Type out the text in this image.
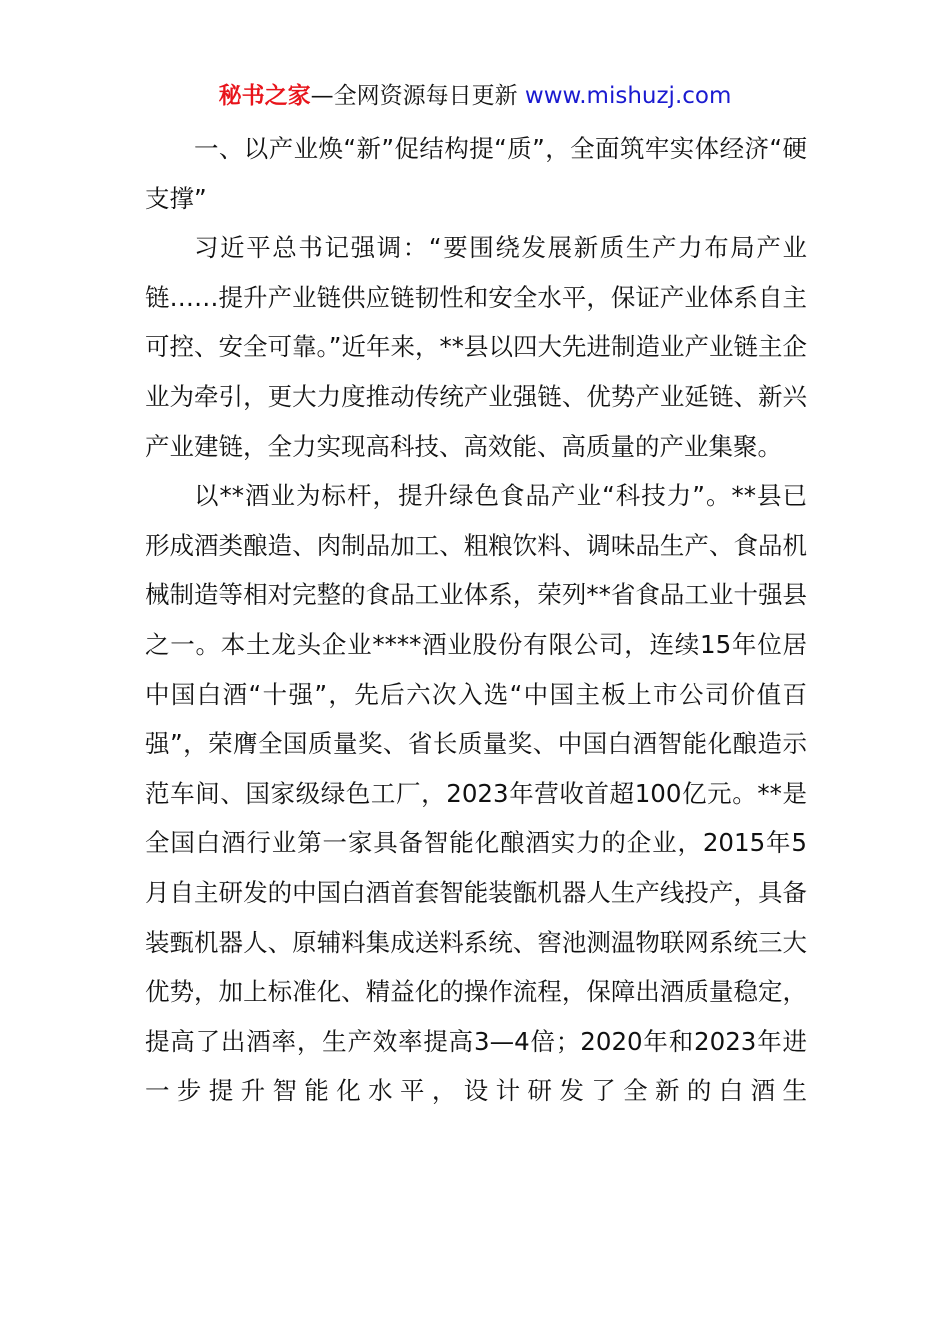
秘书之家—全网资源每日更新 www.mishuzj.com

一、以产业焕“新”促结构提“质”，全面筑牢实体经济“硬支撑”

习近平总书记强调：“要围绕发展新质生产力布局产业链……提升产业链供应链韧性和安全水平，保证产业体系自主可控、安全可靠。”近年来，**县以四大先进制造业产业链主企业为牵引，更大力度推动传统产业强链、优势产业延链、新兴产业建链，全力实现高科技、高效能、高质量的产业集聚。

以**酒业为标杆，提升绿色食品产业“科技力”。**县已形成酒类酿造、肉制品加工、粗粮饮料、调味品生产、食品机械制造等相对完整的食品工业体系，荣列**省食品工业十强县之一。本土龙头企业****酒业股份有限公司，连续15年位居中国白酒“十强”，先后六次入选“中国主板上市公司价值百强”，荣膺全国质量奖、省长质量奖、中国白酒智能化酿造示范车间、国家级绿色工厂，2023年营收首超100亿元。**是全国白酒行业第一家具备智能化酿酒实力的企业，2015年5月自主研发的中国白酒首套智能装甑机器人生产线投产，具备装甄机器人、原辅料集成送料系统、窖池测温物联网系统三大优势，加上标准化、精益化的操作流程，保障出酒质量稳定，提高了出酒率，生产效率提高3—4倍；2020年和2023年进一步提升智能化水平，设计研发了全新的白酒生
